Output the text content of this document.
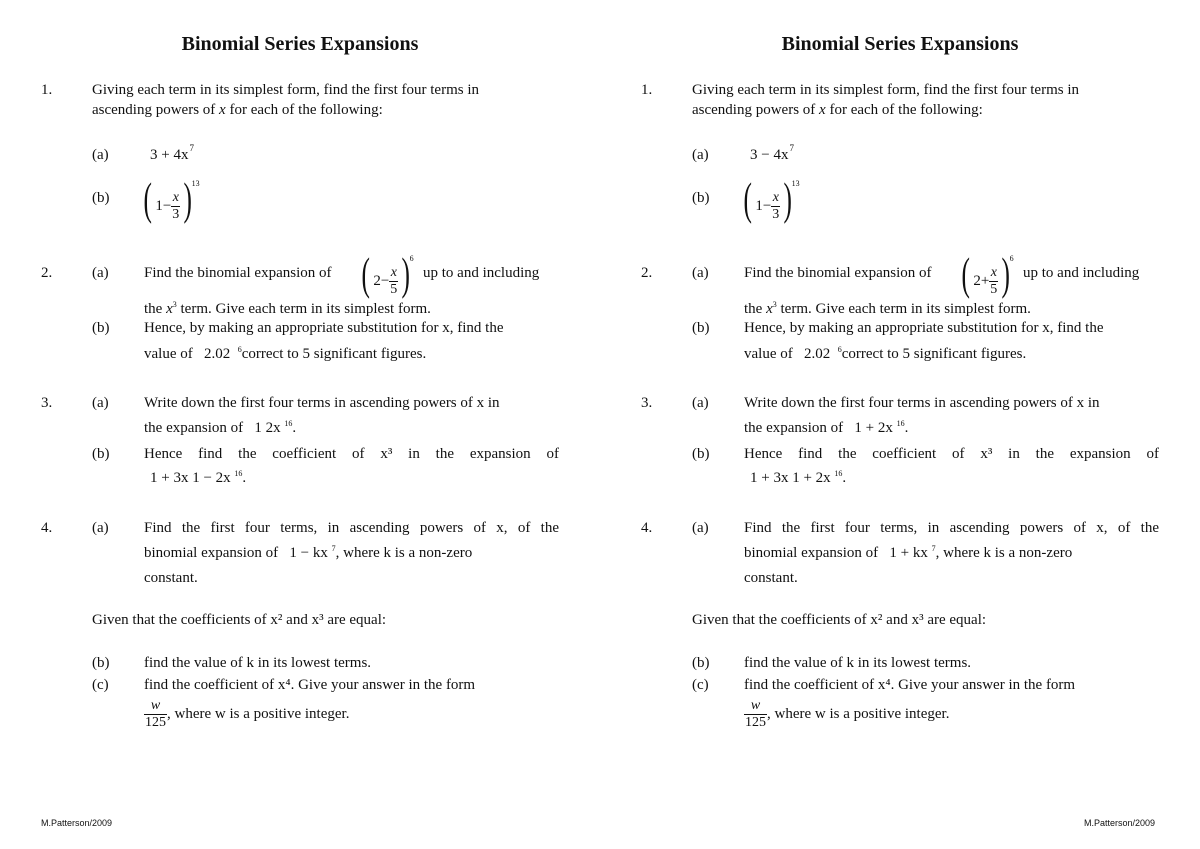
Binomial Series Expansions
1.	Giving each term in its simplest form, find the first four terms in
ascending powers of x for each of the following:
(a)	$3 + 4x^7$
(b) ( $1- \frac{x}{3} )^{13}$
2.	(a) Find the binomial expansion of ( $2- \frac{x}{5} )^6$
up to and including
the $x^3$ term. Give each term in its simplest form.
(b) Hence, by making an appropriate substitution for x, find the
value of 2.02 $^6$correct to 5 significant figures.
3.	(a) Write down the first four terms in ascending powers of x in
the expansion of 1 2x $^{16}$.
(b) Hence find the coefficient of x³ in the expansion of
1 + 3x 1 − 2x $^{16}$.
4.	(a) Find the first four terms, in ascending powers of x, of the
binomial expansion of 1 − kx $^7$, where k is a non-zero
constant.
Given that the coefficients of x² and x³ are equal:
(b) find the value of k in its lowest terms.
(c) find the coefficient of x⁴. Give your answer in the form
$\frac{w}{125}$ , where w is a positive integer.
M.Patterson/2009
Binomial Series Expansions
1.	Giving each term in its simplest form, find the first four terms in
ascending powers of x for each of the following:
(a)	$3 - 4x^7$
(b) ( $1- \frac{x}{3} )^{13}$
2.	(a) Find the binomial expansion of ( $2+ \frac{x}{5} )^6$
up to and including
the $x^3$ term. Give each term in its simplest form.
(b) Hence, by making an appropriate substitution for x, find the
value of 2.02 $^6$correct to 5 significant figures.
3.	(a) Write down the first four terms in ascending powers of x in
the expansion of 1 + 2x $^{16}$.
(b) Hence find the coefficient of x³ in the expansion of
1 + 3x 1 + 2x $^{16}$.
4.	(a) Find the first four terms, in ascending powers of x, of the
binomial expansion of 1 + kx $^7$, where k is a non-zero
constant.
Given that the coefficients of x² and x³ are equal:
(b) find the value of k in its lowest terms.
(c) find the coefficient of x⁴. Give your answer in the form
$\frac{w}{125}$ , where w is a positive integer.
M.Patterson/2009
